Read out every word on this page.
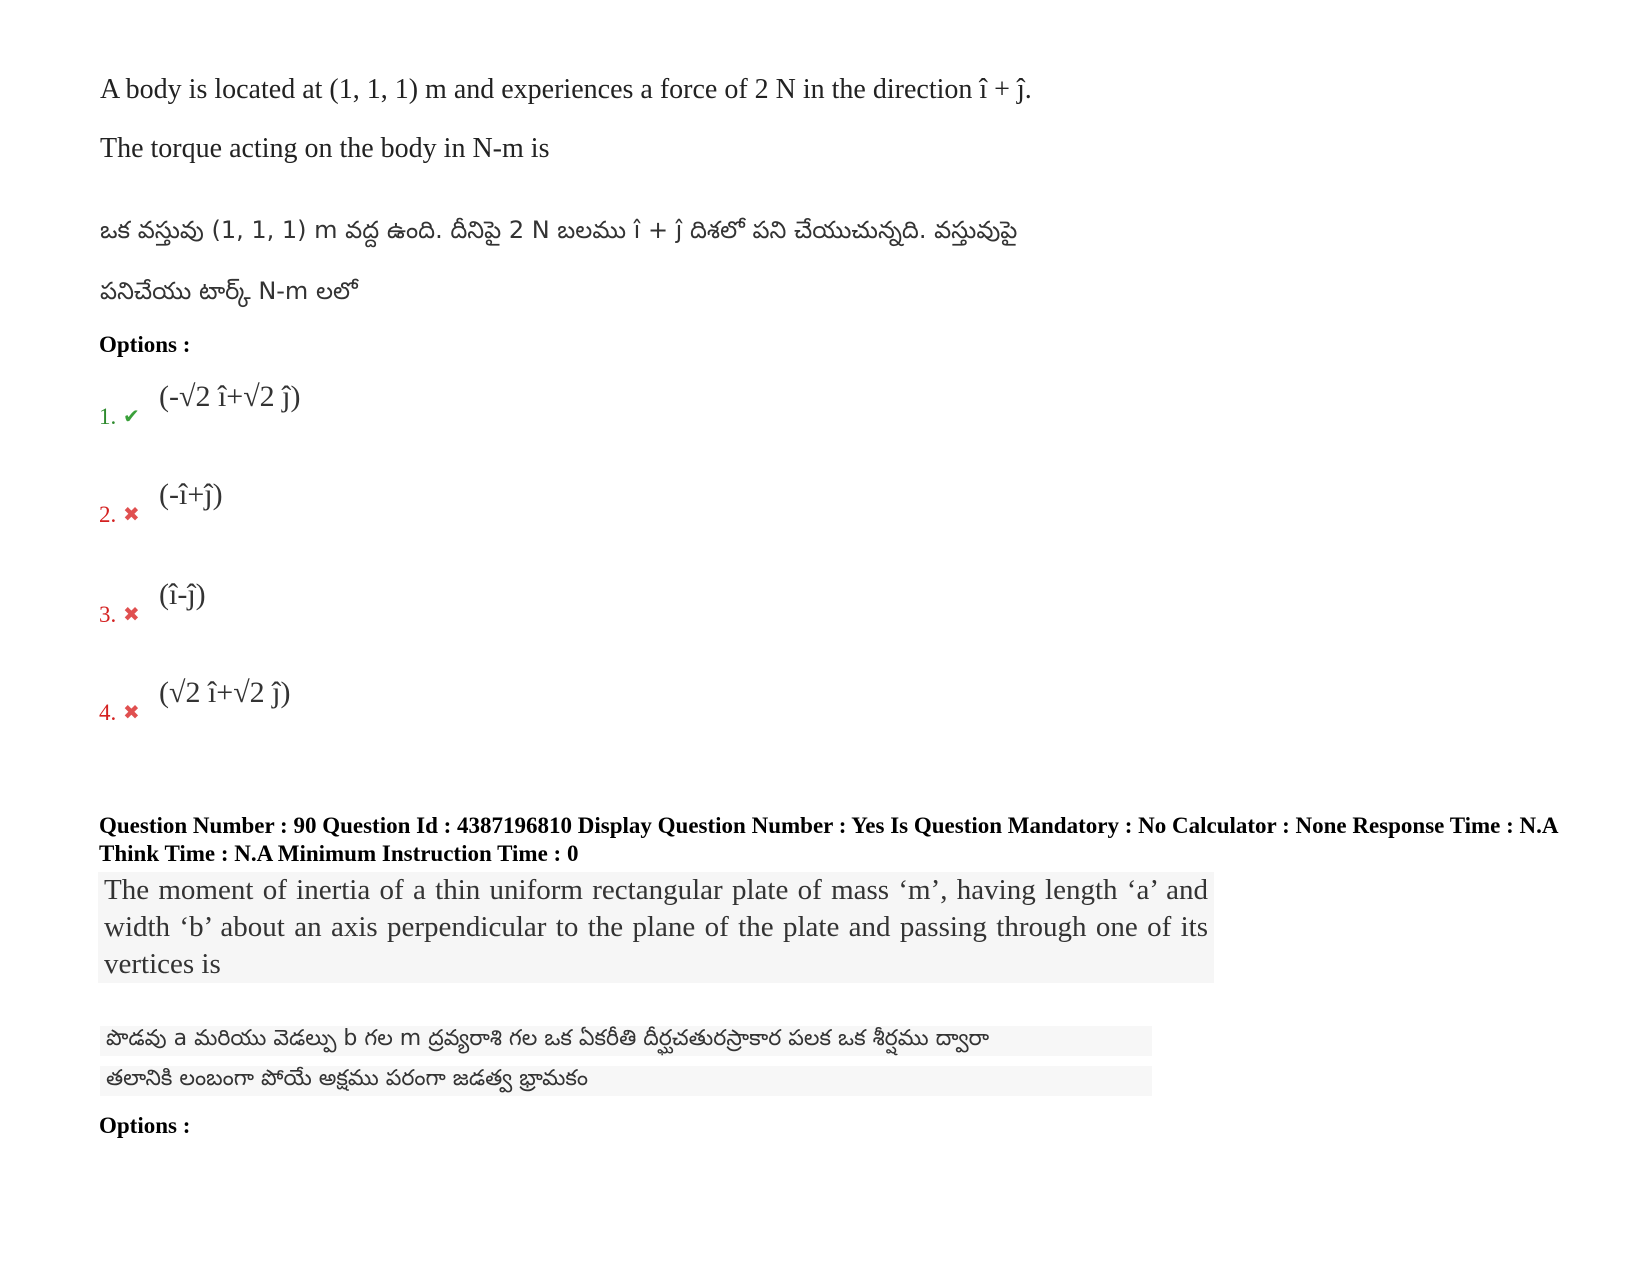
A body is located at (1, 1, 1) m and experiences a force of 2 N in the direction î + ĵ.
The torque acting on the body in N-m is
ఒక వస్తువు (1, 1, 1) m వద్ద ఉంది. దీనిపై 2 N బలము î + ĵ దిశలో పని చేయుచున్నది. వస్తువుపై
పనిచేయు టార్క్ N-m లలో
Options :
1. ✔
(-√2 î+√2 ĵ)
2. ✖
(-î+ĵ)
3. ✖
(î-ĵ)
4. ✖
(√2 î+√2 ĵ)
Question Number : 90 Question Id : 4387196810 Display Question Number : Yes Is Question Mandatory : No Calculator : None Response Time : N.A Think Time : N.A Minimum Instruction Time : 0
The moment of inertia of a thin uniform rectangular plate of mass ‘m’, having length ‘a’ and width ‘b’ about an axis perpendicular to the plane of the plate and passing through one of its vertices is
పొడవు a మరియు వెడల్పు b గల m ద్రవ్యరాశి గల ఒక ఏకరీతి దీర్ఘచతురస్రాకార పలక ఒక శీర్షము ద్వారా
తలానికి లంబంగా పోయే అక్షము పరంగా జడత్వ భ్రామకం
Options :
